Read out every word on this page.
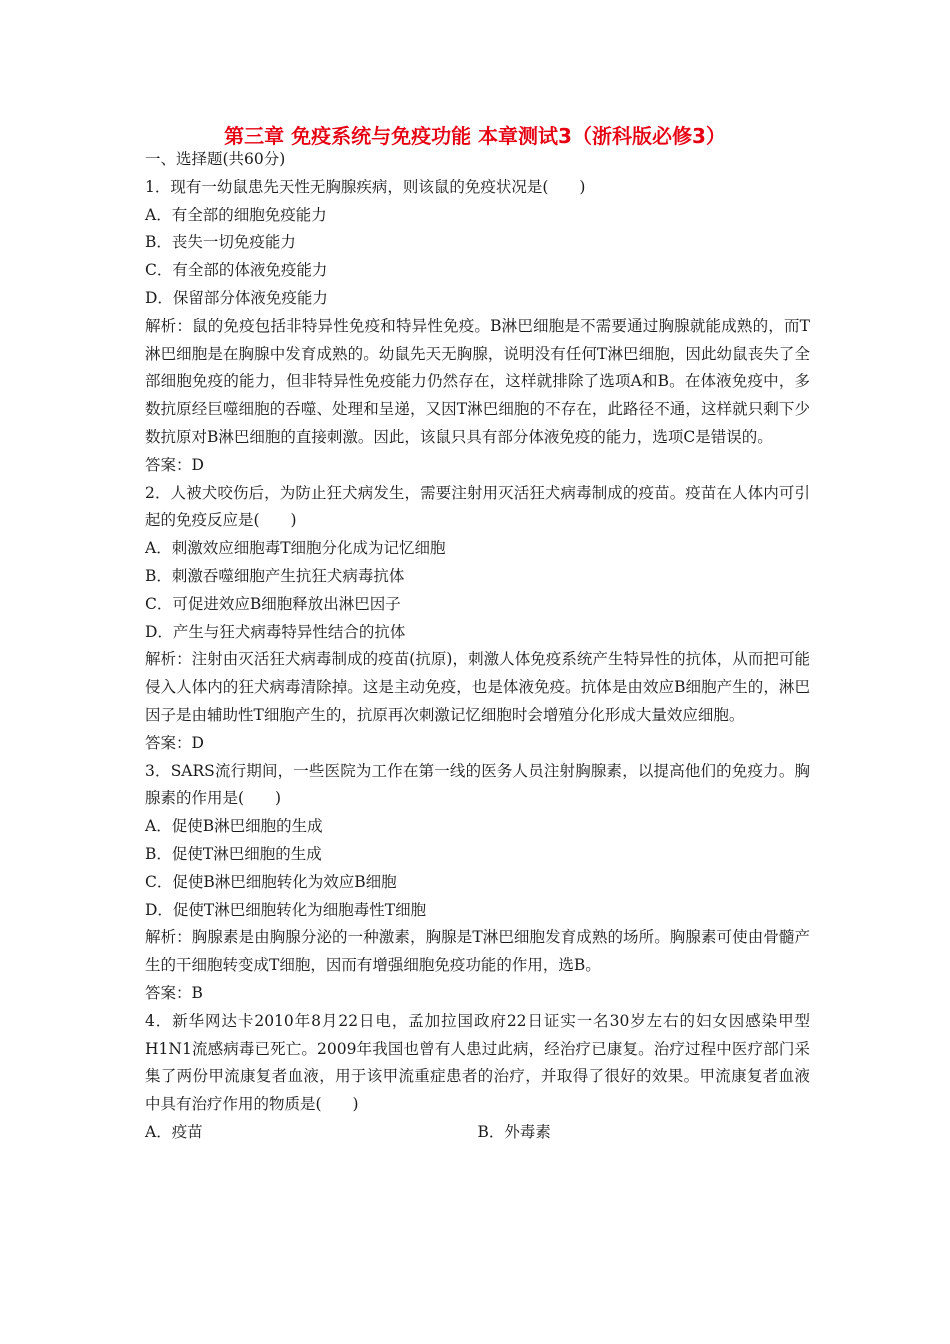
第三章 免疫系统与免疫功能 本章测试3（浙科版必修3）
一、选择题(共60分)
1．现有一幼鼠患先天性无胸腺疾病，则该鼠的免疫状况是(　　)
A．有全部的细胞免疫能力
B．丧失一切免疫能力
C．有全部的体液免疫能力
D．保留部分体液免疫能力
解析：鼠的免疫包括非特异性免疫和特异性免疫。B淋巴细胞是不需要通过胸腺就能成熟的，而T淋巴细胞是在胸腺中发育成熟的。幼鼠先天无胸腺，说明没有任何T淋巴细胞，因此幼鼠丧失了全部细胞免疫的能力，但非特异性免疫能力仍然存在，这样就排除了选项A和B。在体液免疫中，多数抗原经巨噬细胞的吞噬、处理和呈递，又因T淋巴细胞的不存在，此路径不通，这样就只剩下少数抗原对B淋巴细胞的直接刺激。因此，该鼠只具有部分体液免疫的能力，选项C是错误的。
答案：D
2．人被犬咬伤后，为防止狂犬病发生，需要注射用灭活狂犬病毒制成的疫苗。疫苗在人体内可引起的免疫反应是(　　)
A．刺激效应细胞毒T细胞分化成为记忆细胞
B．刺激吞噬细胞产生抗狂犬病毒抗体
C．可促进效应B细胞释放出淋巴因子
D．产生与狂犬病毒特异性结合的抗体
解析：注射由灭活狂犬病毒制成的疫苗(抗原)，刺激人体免疫系统产生特异性的抗体，从而把可能侵入人体内的狂犬病毒清除掉。这是主动免疫，也是体液免疫。抗体是由效应B细胞产生的，淋巴因子是由辅助性T细胞产生的，抗原再次刺激记忆细胞时会增殖分化形成大量效应细胞。
答案：D
3．SARS流行期间，一些医院为工作在第一线的医务人员注射胸腺素，以提高他们的免疫力。胸腺素的作用是(　　)
A．促使B淋巴细胞的生成
B．促使T淋巴细胞的生成
C．促使B淋巴细胞转化为效应B细胞
D．促使T淋巴细胞转化为细胞毒性T细胞
解析：胸腺素是由胸腺分泌的一种激素，胸腺是T淋巴细胞发育成熟的场所。胸腺素可使由骨髓产生的干细胞转变成T细胞，因而有增强细胞免疫功能的作用，选B。
答案：B
4．新华网达卡2010年8月22日电，孟加拉国政府22日证实一名30岁左右的妇女因感染甲型H1N1流感病毒已死亡。2009年我国也曾有人患过此病，经治疗已康复。治疗过程中医疗部门采集了两份甲流康复者血液，用于该甲流重症患者的治疗，并取得了很好的效果。甲流康复者血液中具有治疗作用的物质是(　　)
A．疫苗	B．外毒素
